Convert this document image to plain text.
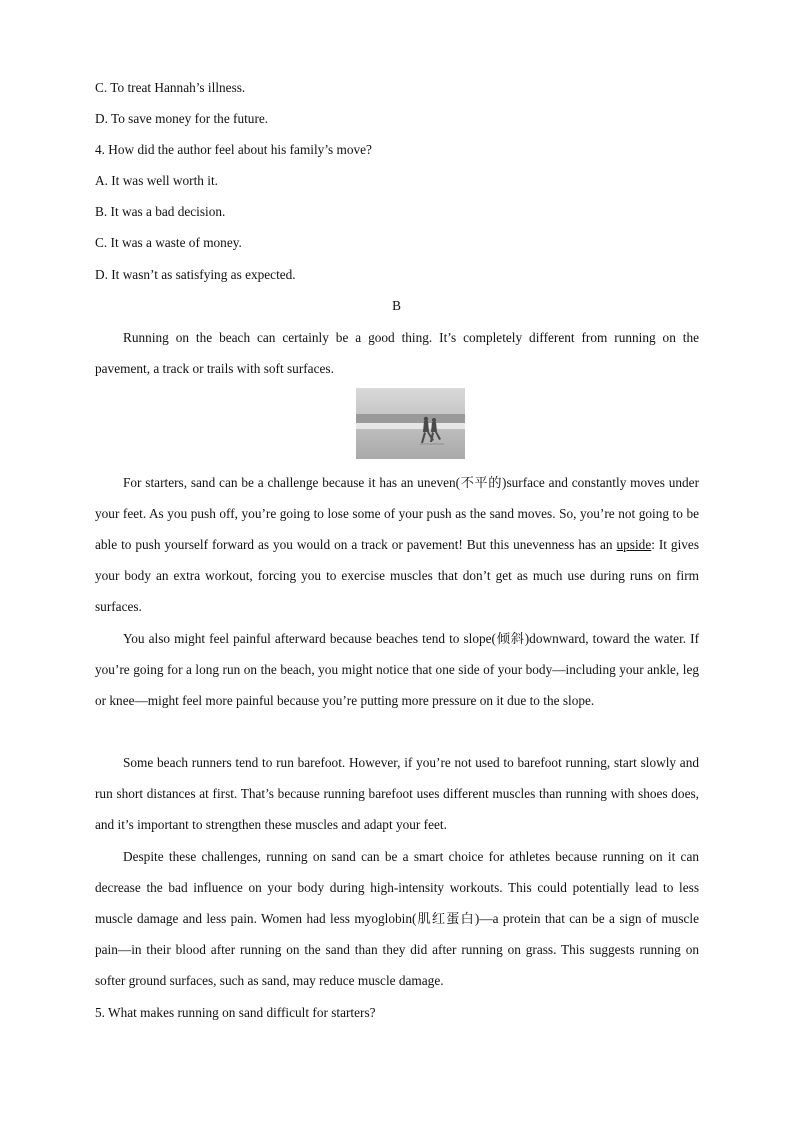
C. To treat Hannah’s illness.
D. To save money for the future.
4. How did the author feel about his family’s move?
A. It was well worth it.
B. It was a bad decision.
C. It was a waste of money.
D. It wasn’t as satisfying as expected.
B
Running on the beach can certainly be a good thing. It’s completely different from running on the pavement, a track or trails with soft surfaces.
For starters, sand can be a challenge because it has an uneven(不平的)surface and constantly moves under your feet. As you push off, you’re going to lose some of your push as the sand moves. So, you’re not going to be able to push yourself forward as you would on a track or pavement! But this unevenness has an upside: It gives your body an extra workout, forcing you to exercise muscles that don’t get as much use during runs on firm surfaces.
You also might feel painful afterward because beaches tend to slope(倾斜)downward, toward the water. If you’re going for a long run on the beach, you might notice that one side of your body—including your ankle, leg or knee—might feel more painful because you’re putting more pressure on it due to the slope.
Some beach runners tend to run barefoot. However, if you’re not used to barefoot running, start slowly and run short distances at first. That’s because running barefoot uses different muscles than running with shoes does, and it’s important to strengthen these muscles and adapt your feet.
Despite these challenges, running on sand can be a smart choice for athletes because running on it can decrease the bad influence on your body during high-intensity workouts. This could potentially lead to less muscle damage and less pain. Women had less myoglobin(肌红蛋白)—a protein that can be a sign of muscle pain—in their blood after running on the sand than they did after running on grass. This suggests running on softer ground surfaces, such as sand, may reduce muscle damage.
5. What makes running on sand difficult for starters?
